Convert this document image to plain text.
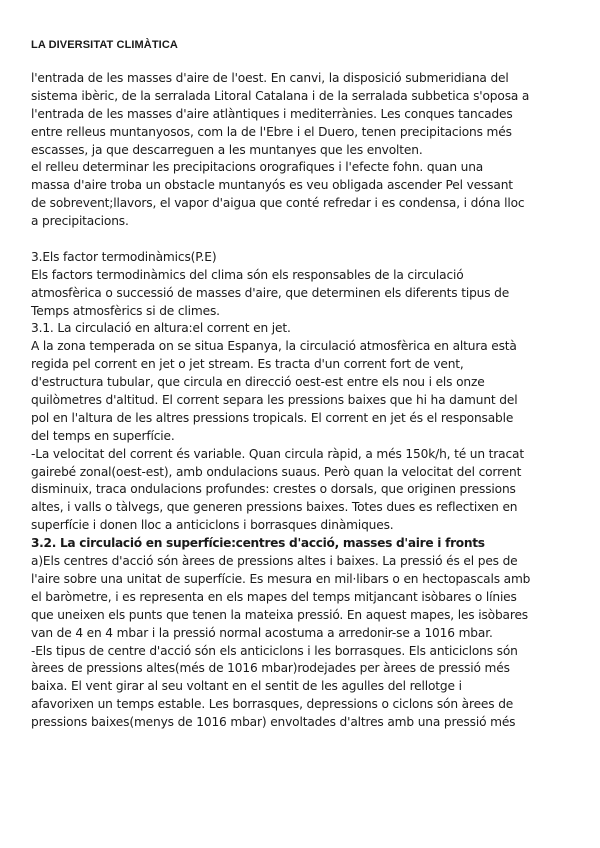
LA DIVERSITAT CLIMÀTICA
l'entrada de les masses d'aire de l'oest. En canvi, la disposició submeridiana del
sistema ibèric, de la serralada Litoral Catalana i de la serralada subbetica s'oposa a
l'entrada de les masses d'aire atlàntiques i mediterrànies. Les conques tancades
entre relleus muntanyosos, com la de l'Ebre i el Duero, tenen precipitacions més
escasses, ja que descarreguen a les muntanyes que les envolten.
el relleu determinar les precipitacions orografiques i l'efecte fohn. quan una
massa d'aire troba un obstacle muntanyós es veu obligada ascender Pel vessant
de sobrevent;llavors, el vapor d'aigua que conté refredar i es condensa, i dóna lloc
a precipitacions.
3.Els factor termodinàmics(P.E)
Els factors termodinàmics del clima són els responsables de la circulació
atmosfèrica o successió de masses d'aire, que determinen els diferents tipus de
Temps atmosfèrics si de climes.
3.1. La circulació en altura:el corrent en jet.
A la zona temperada on se situa Espanya, la circulació atmosfèrica en altura està
regida pel corrent en jet o jet stream. Es tracta d'un corrent fort de vent,
d'estructura tubular, que circula en direcció oest-est entre els nou i els onze
quilòmetres d'altitud. El corrent separa les pressions baixes que hi ha damunt del
pol en l'altura de les altres pressions tropicals. El corrent en jet és el responsable
del temps en superfície.
-La velocitat del corrent és variable. Quan circula ràpid, a més 150k/h, té un tracat
gairebé zonal(oest-est), amb ondulacions suaus. Però quan la velocitat del corrent
disminuix, traca ondulacions profundes: crestes o dorsals, que originen pressions
altes, i valls o tàlvegs, que generen pressions baixes. Totes dues es reflectixen en
superfície i donen lloc a anticiclons i borrasques dinàmiques.
3.2. La circulació en superfície:centres d'acció, masses d'aire i fronts
a)Els centres d'acció són àrees de pressions altes i baixes. La pressió és el pes de
l'aire sobre una unitat de superfície. Es mesura en mil·libars o en hectopascals amb
el baròmetre, i es representa en els mapes del temps mitjancant isòbares o línies
que uneixen els punts que tenen la mateixa pressió. En aquest mapes, les isòbares
van de 4 en 4 mbar i la pressió normal acostuma a arredonir-se a 1016 mbar.
-Els tipus de centre d'acció són els anticiclons i les borrasques. Els anticiclons són
àrees de pressions altes(més de 1016 mbar)rodejades per àrees de pressió més
baixa. El vent girar al seu voltant en el sentit de les agulles del rellotge i
afavorixen un temps estable. Les borrasques, depressions o ciclons són àrees de
pressions baixes(menys de 1016 mbar) envoltades d'altres amb una pressió més
